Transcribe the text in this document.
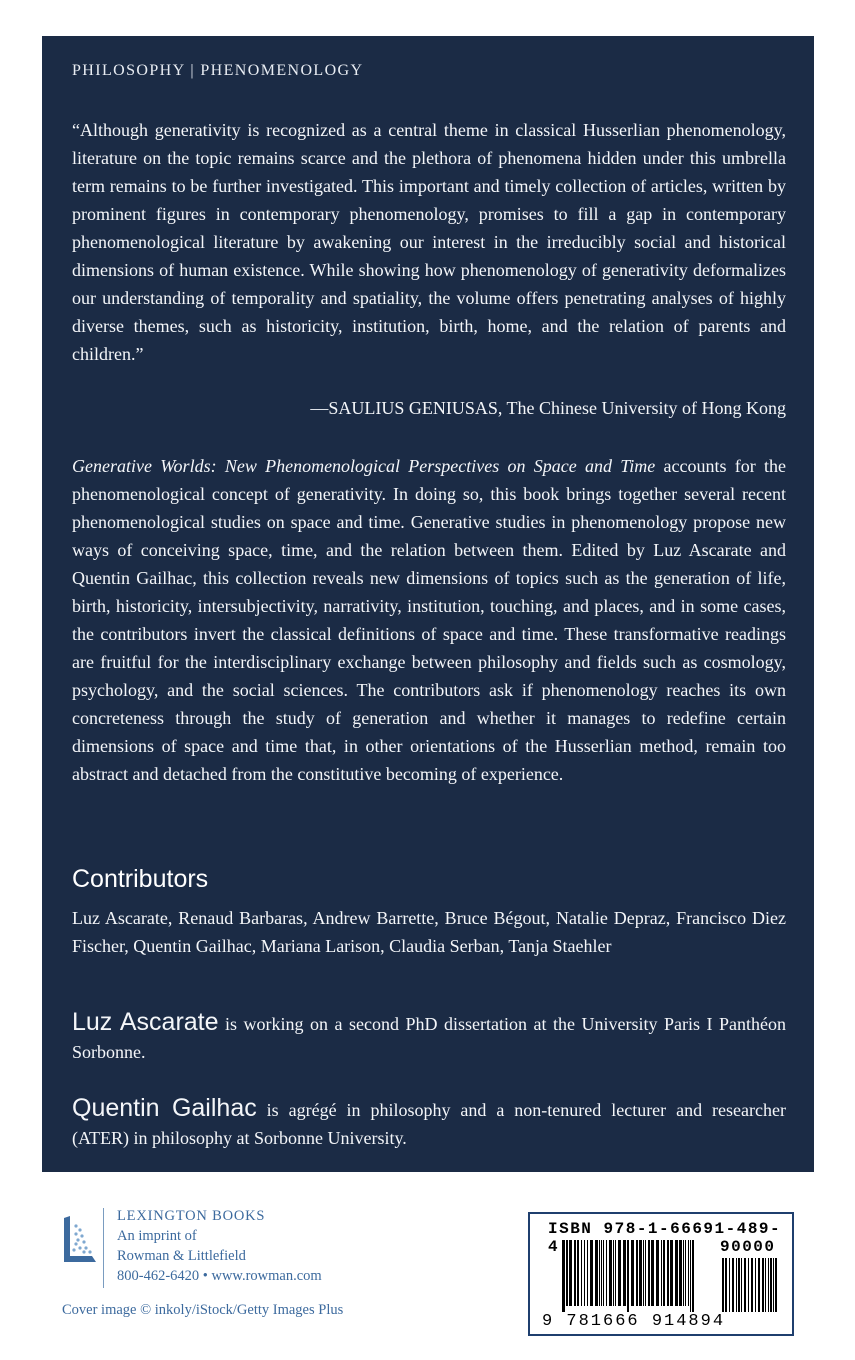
PHILOSOPHY | PHENOMENOLOGY
“Although generativity is recognized as a central theme in classical Husserlian phenomenology, literature on the topic remains scarce and the plethora of phenomena hidden under this umbrella term remains to be further investigated. This important and timely collection of articles, written by prominent figures in contemporary phenomenology, promises to fill a gap in contemporary phenomenological literature by awakening our interest in the irreducibly social and historical dimensions of human existence. While showing how phenomenology of generativity deformalizes our understanding of temporality and spatiality, the volume offers penetrating analyses of highly diverse themes, such as historicity, institution, birth, home, and the relation of parents and children.”
—SAULIUS GENIUSAS, The Chinese University of Hong Kong
Generative Worlds: New Phenomenological Perspectives on Space and Time accounts for the phenomenological concept of generativity. In doing so, this book brings together several recent phenomenological studies on space and time. Generative studies in phenomenology propose new ways of conceiving space, time, and the relation between them. Edited by Luz Ascarate and Quentin Gailhac, this collection reveals new dimensions of topics such as the generation of life, birth, historicity, intersubjectivity, narrativity, institution, touching, and places, and in some cases, the contributors invert the classical definitions of space and time. These transformative readings are fruitful for the interdisciplinary exchange between philosophy and fields such as cosmology, psychology, and the social sciences. The contributors ask if phenomenology reaches its own concreteness through the study of generation and whether it manages to redefine certain dimensions of space and time that, in other orientations of the Husserlian method, remain too abstract and detached from the constitutive becoming of experience.
Contributors
Luz Ascarate, Renaud Barbaras, Andrew Barrette, Bruce Bégout, Natalie Depraz, Francisco Diez Fischer, Quentin Gailhac, Mariana Larison, Claudia Serban, Tanja Staehler
Luz Ascarate is working on a second PhD dissertation at the University Paris I Panthéon Sorbonne.
Quentin Gailhac is agrégé in philosophy and a non-tenured lecturer and researcher (ATER) in philosophy at Sorbonne University.
LEXINGTON BOOKS
An imprint of
Rowman & Littlefield
800-462-6420 • www.rowman.com
Cover image © inkoly/iStock/Getty Images Plus
ISBN 978-1-66691-489-4	90000
9 781666 914894
